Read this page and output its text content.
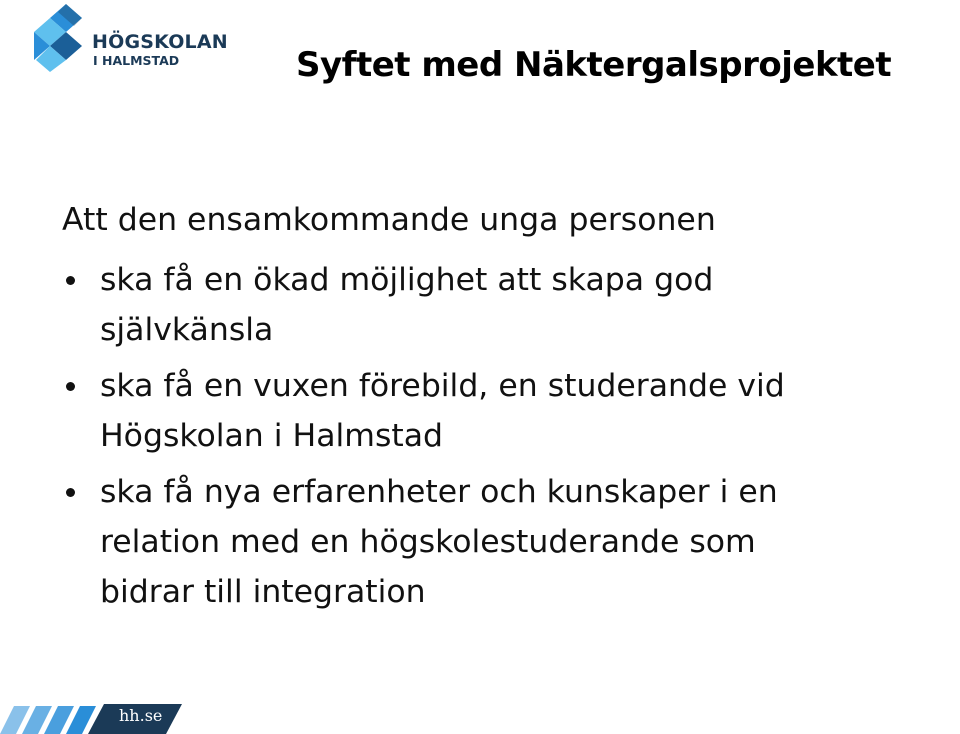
HÖGSKOLAN
I HALMSTAD	Syftet med Näktergalsprojektet

Att den ensamkommande unga personen

ska få en ökad möjlighet att skapa god
självkänsla
ska få en vuxen förebild, en studerande vid
Högskolan i Halmstad
ska få nya erfarenheter och kunskaper i en
relation med en högskolestuderande som
bidrar till integration
hh.se
